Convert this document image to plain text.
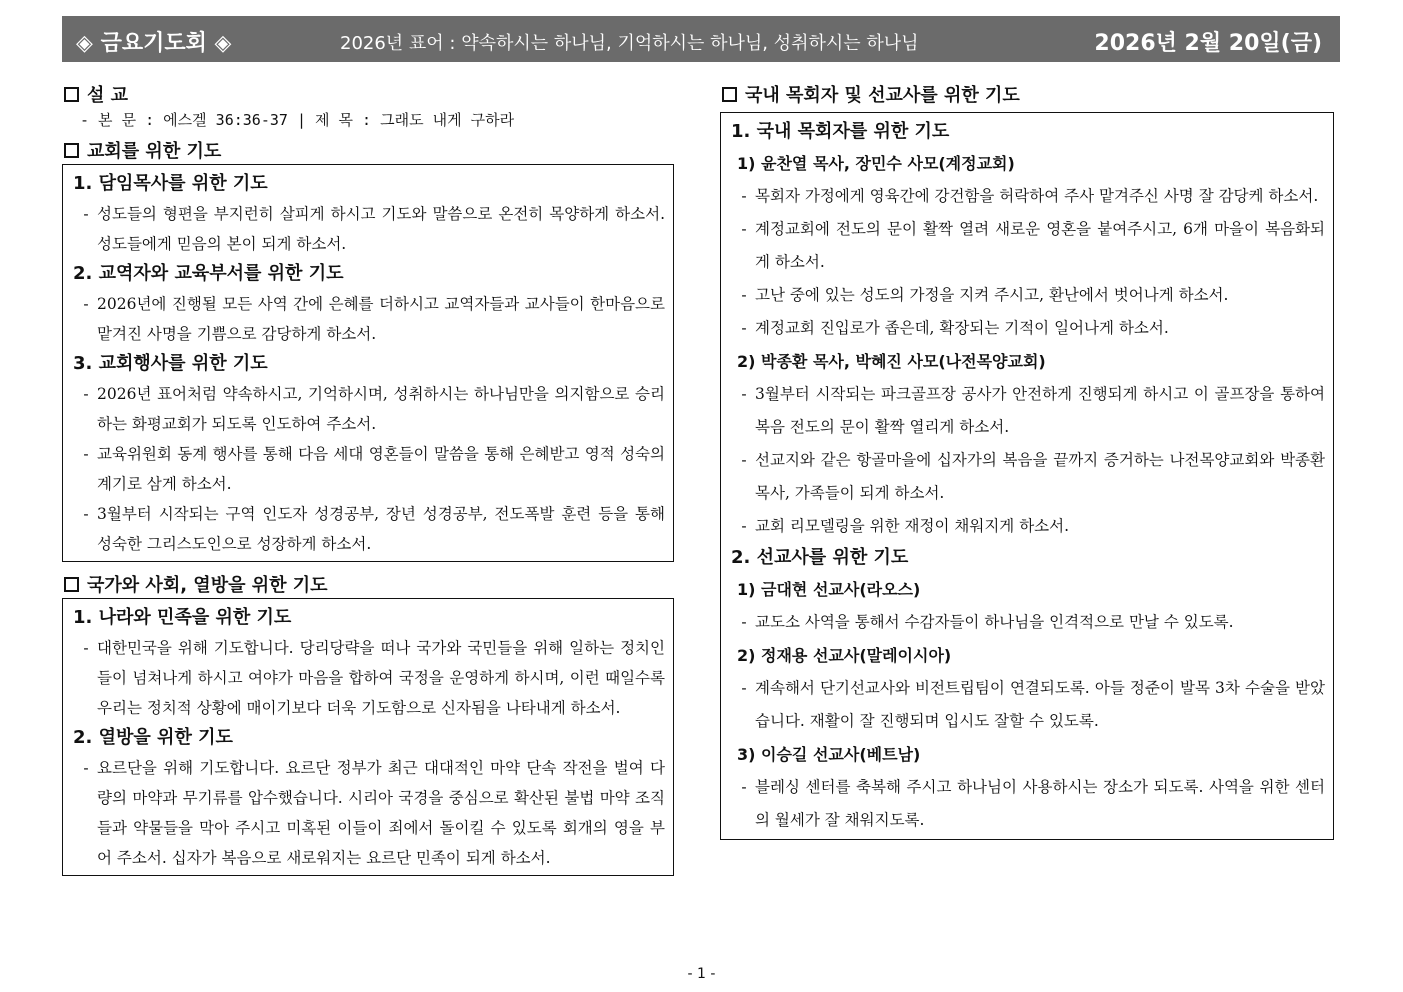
◈ 금요기도회 ◈	2026년 표어 : 약속하시는 하나님, 기억하시는 하나님, 성취하시는 하나님	2026년 2월 20일(금)
설 교
- 본 문 : 에스겔 36:36-37 | 제 목 : 그래도 내게 구하라
교회를 위한 기도
1. 담임목사를 위한 기도
- 성도들의 형편을 부지런히 살피게 하시고 기도와 말씀으로 온전히 목양하게 하소서. 성도들에게 믿음의 본이 되게 하소서.
2. 교역자와 교육부서를 위한 기도
- 2026년에 진행될 모든 사역 간에 은혜를 더하시고 교역자들과 교사들이 한마음으로 맡겨진 사명을 기쁨으로 감당하게 하소서.
3. 교회행사를 위한 기도
- 2026년 표어처럼 약속하시고, 기억하시며, 성취하시는 하나님만을 의지함으로 승리하는 화평교회가 되도록 인도하여 주소서.
- 교육위원회 동계 행사를 통해 다음 세대 영혼들이 말씀을 통해 은혜받고 영적 성숙의 계기로 삼게 하소서.
- 3월부터 시작되는 구역 인도자 성경공부, 장년 성경공부, 전도폭발 훈련 등을 통해 성숙한 그리스도인으로 성장하게 하소서.
국가와 사회, 열방을 위한 기도
1. 나라와 민족을 위한 기도
- 대한민국을 위해 기도합니다. 당리당략을 떠나 국가와 국민들을 위해 일하는 정치인들이 넘쳐나게 하시고 여야가 마음을 합하여 국정을 운영하게 하시며, 이런 때일수록 우리는 정치적 상황에 매이기보다 더욱 기도함으로 신자됨을 나타내게 하소서.
2. 열방을 위한 기도
- 요르단을 위해 기도합니다. 요르단 정부가 최근 대대적인 마약 단속 작전을 벌여 다량의 마약과 무기류를 압수했습니다. 시리아 국경을 중심으로 확산된 불법 마약 조직들과 약물들을 막아 주시고 미혹된 이들이 죄에서 돌이킬 수 있도록 회개의 영을 부어 주소서. 십자가 복음으로 새로워지는 요르단 민족이 되게 하소서.
국내 목회자 및 선교사를 위한 기도
1. 국내 목회자를 위한 기도
1) 윤찬열 목사, 장민수 사모(계정교회)
- 목회자 가정에게 영육간에 강건함을 허락하여 주사 맡겨주신 사명 잘 감당케 하소서.
- 계정교회에 전도의 문이 활짝 열려 새로운 영혼을 붙여주시고, 6개 마을이 복음화되게 하소서.
- 고난 중에 있는 성도의 가정을 지켜 주시고, 환난에서 벗어나게 하소서.
- 계정교회 진입로가 좁은데, 확장되는 기적이 일어나게 하소서.
2) 박종환 목사, 박혜진 사모(나전목양교회)
- 3월부터 시작되는 파크골프장 공사가 안전하게 진행되게 하시고 이 골프장을 통하여 복음 전도의 문이 활짝 열리게 하소서.
- 선교지와 같은 항골마을에 십자가의 복음을 끝까지 증거하는 나전목양교회와 박종환 목사, 가족들이 되게 하소서.
- 교회 리모델링을 위한 재정이 채워지게 하소서.
2. 선교사를 위한 기도
1) 금대현 선교사(라오스)
- 교도소 사역을 통해서 수감자들이 하나님을 인격적으로 만날 수 있도록.
2) 정재용 선교사(말레이시아)
- 계속해서 단기선교사와 비전트립팀이 연결되도록. 아들 정준이 발목 3차 수술을 받았습니다. 재활이 잘 진행되며 입시도 잘할 수 있도록.
3) 이승길 선교사(베트남)
- 블레싱 센터를 축복해 주시고 하나님이 사용하시는 장소가 되도록. 사역을 위한 센터의 월세가 잘 채워지도록.
- 1 -
